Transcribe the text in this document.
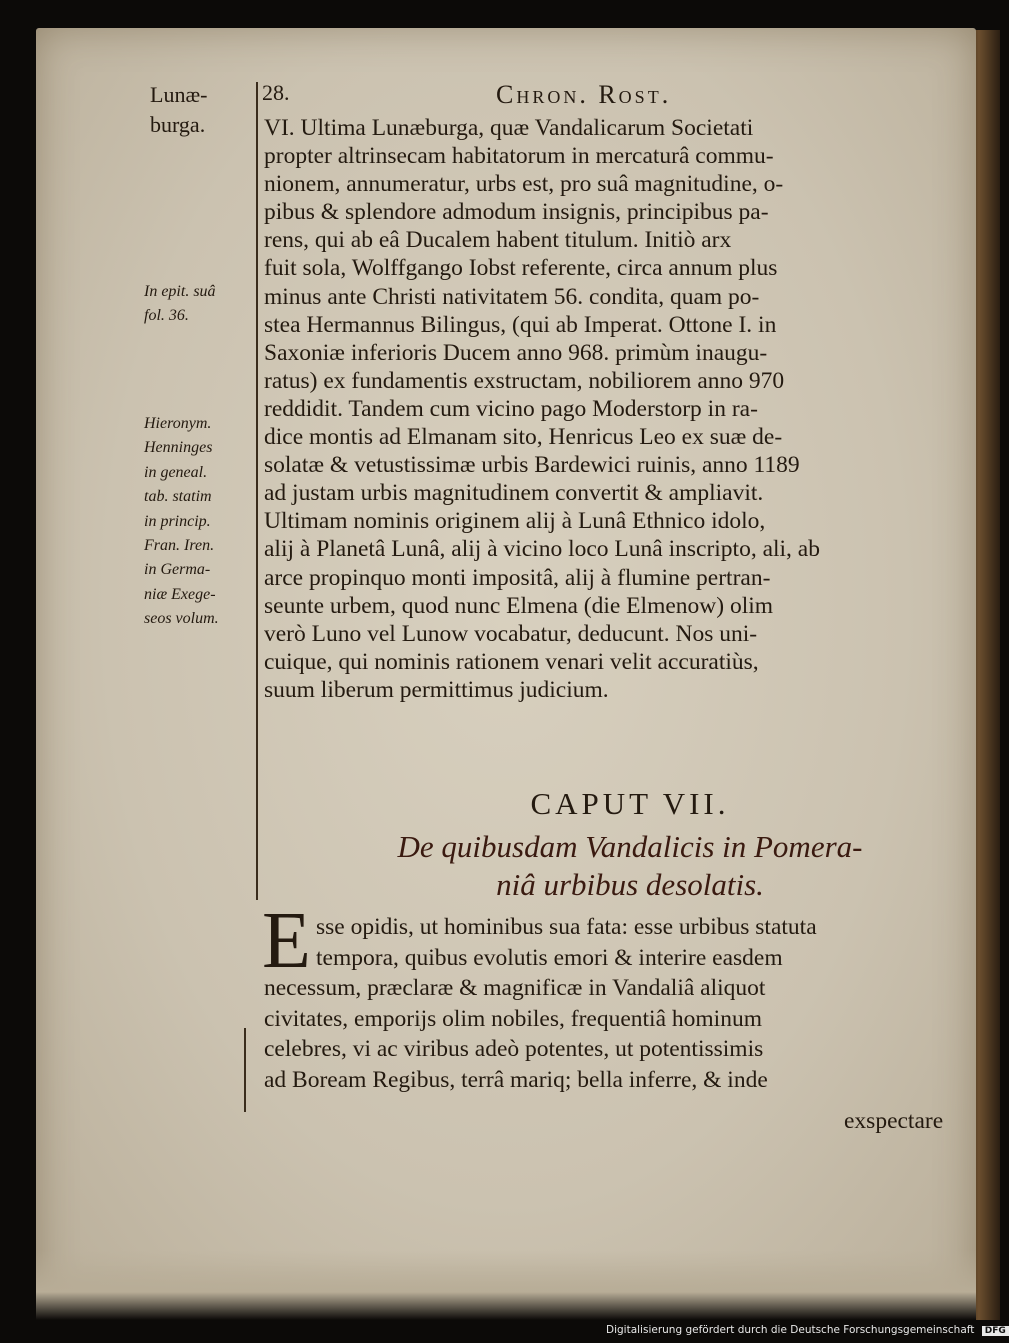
Lunæ-burga.
28.	Chron. Rost.
In epit. suâ
fol. 36.
Hieronym.
Henninges
in geneal.
tab. statim
in princip.
Fran. Iren.
in Germa-
niæ Exege-
seos volum.
VI. Ultima Lunæburga, quæ Vandalicarum Societati
propter altrinsecam habitatorum in mercaturâ commu-
nionem, annumeratur, urbs est, pro suâ magnitudine, o-
pibus & splendore admodum insignis, principibus pa-
rens, qui ab eâ Ducalem habent titulum. Initiò arx
fuit sola, Wolffgango Iobst referente, circa annum plus
minus ante Christi nativitatem 56. condita, quam po-
stea Hermannus Bilingus, (qui ab Imperat. Ottone I. in
Saxoniæ inferioris Ducem anno 968. primùm inaugu-
ratus) ex fundamentis exstructam, nobiliorem anno 970
reddidit. Tandem cum vicino pago Moderstorp in ra-
dice montis ad Elmanam sito, Henricus Leo ex suæ de-
solatæ & vetustissimæ urbis Bardewici ruinis, anno 1189
ad justam urbis magnitudinem convertit & ampliavit.
Ultimam nominis originem alij à Lunâ Ethnico idolo,
alij à Planetâ Lunâ, alij à vicino loco Lunâ inscripto, ali, ab
arce propinquo monti impositâ, alij à flumine pertran-
seunte urbem, quod nunc Elmena (die Elmenow) olim
verò Luno vel Lunow vocabatur, deducunt. Nos uni-
cuique, qui nominis rationem venari velit accuratiùs,
suum liberum permittimus judicium.
CAPUT VII.
De quibusdam Vandalicis in Pomera-
niâ urbibus desolatis.
E sse opidis, ut hominibus sua fata: esse urbibus statuta
tempora, quibus evolutis emori & interire easdem
necessum, præclaræ & magnificæ in Vandaliâ aliquot
civitates, emporijs olim nobiles, frequentiâ hominum
celebres, vi ac viribus adeò potentes, ut potentissimis
ad Boream Regibus, terrâ mariq; bella inferre, & inde
exspectare
Digitalisierung gefördert durch die Deutsche Forschungsgemeinschaft DFG
